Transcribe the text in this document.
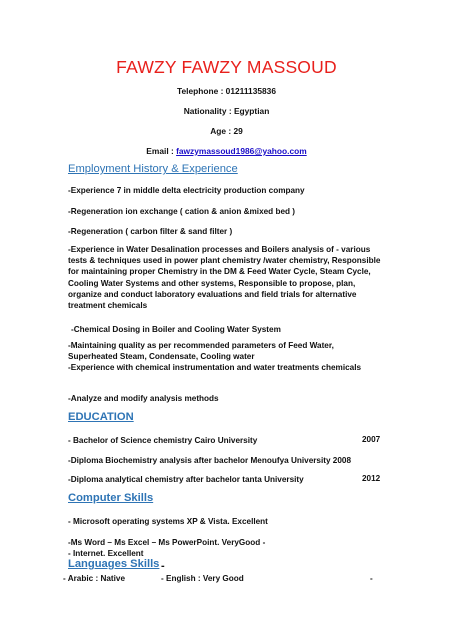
FAWZY FAWZY MASSOUD
Telephone : 01211135836
Nationality : Egyptian
Age : 29
Email : fawzymassoud1986@yahoo.com
Employment History & Experience
-Experience 7 in middle delta electricity production company
-Regeneration ion exchange ( cation & anion &mixed bed )
-Regeneration ( carbon filter & sand filter )
-Experience in Water Desalination processes and Boilers analysis of - various tests & techniques used in power plant chemistry /water chemistry, Responsible for maintaining proper Chemistry in the DM & Feed Water Cycle, Steam Cycle, Cooling Water Systems and other systems, Responsible to propose, plan, organize and conduct laboratory evaluations and field trials for alternative treatment chemicals
-Chemical Dosing in Boiler and Cooling Water System
-Maintaining quality as per recommended parameters of Feed Water, Superheated Steam, Condensate, Cooling water
-Experience with chemical instrumentation and water treatments chemicals
-Analyze and modify analysis methods
EDUCATION
- Bachelor of Science chemistry Cairo University	2007
-Diploma Biochemistry analysis after bachelor Menoufya University 2008
-Diploma analytical chemistry after bachelor tanta University	2012
Computer Skills
- Microsoft operating systems XP & Vista. Excellent
-Ms Word – Ms Excel – Ms PowerPoint. VeryGood -
- Internet. Excellent
Languages Skills -
- Arabic : Native	- English : Very Good	-
